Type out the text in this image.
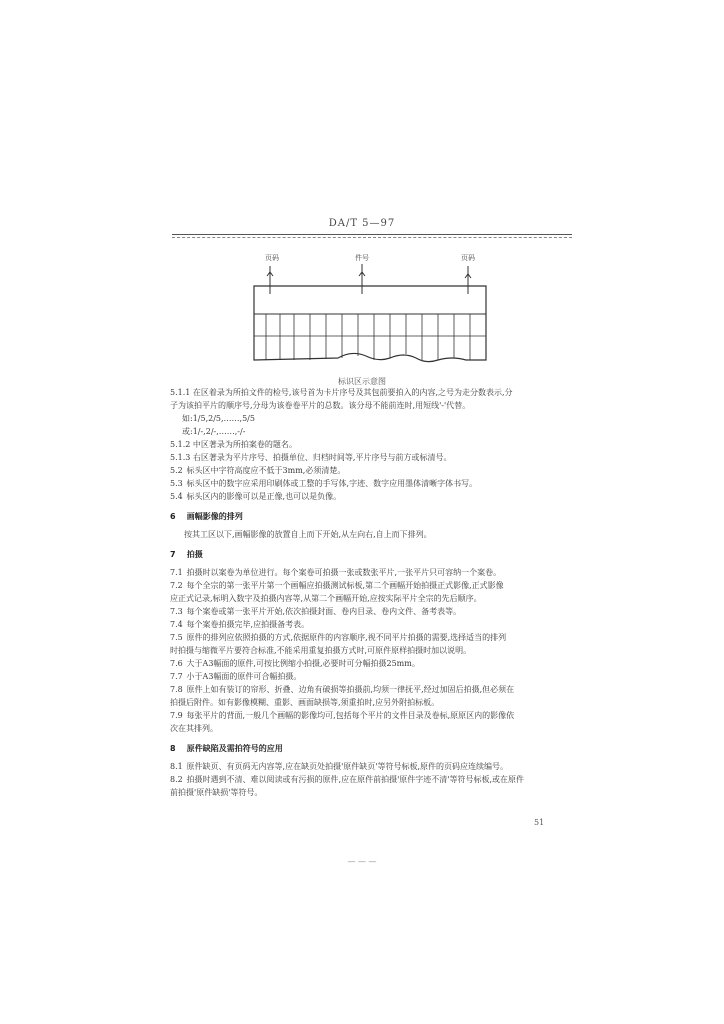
DA/T 5—97
页码	件号	页码
标识区示意图
5.1.1 在区着录为所拍文件的检号,该号首为卡片序号及其包前要拍入的内容,之号为走分数表示,分
子为该拍平片的顺序号,分母为该卷卷平片的总数。该分母不能前连时,用短线'-'代替。
如:1/5,2/5,……,5/5
或:1/-,2/-,……,-/-
5.1.2 中区著录为所拍案卷的题名。
5.1.3 右区著录为平片序号、拍摄单位、归档时间等,平片序号与前方或标清号。
5.2 标头区中字符高度应不低于3mm,必须清楚。
5.3 标头区中的数字应采用印刷体或工整的手写体,字迹、数字应用墨体清晰字体书写。
5.4 标头区内的影像可以是正像,也可以是负像。
6 画幅影像的排列
按其工区以下,画幅影像的放置自上而下开始,从左向右,自上而下排列。
7 拍摄
7.1 拍摄时以案卷为单位进行。每个案卷可拍摄一张或数张平片,一张平片只可容纳一个案卷。
7.2 每个全宗的第一张平片第一个画幅应拍摄测试标板,第二个画幅开始拍摄正式影像,正式影像
应正式记录,标明入数字及拍摄内容等,从第二个画幅开始,应按实际平片全宗的先后顺序。
7.3 每个案卷或第一张平片开始,依次拍摄封面、卷内目录、卷内文件、备考表等。
7.4 每个案卷拍摄完毕,应拍摄备考表。
7.5 原件的排列应依照拍摄的方式,依据原件的内容顺序,视不同平片拍摄的需要,选择适当的排列
时拍摄与缩微平片要符合标准,不能采用重复拍摄方式时,可原件原样拍摄时加以说明。
7.6 大于A3幅面的原件,可按比例缩小拍摄,必要时可分幅拍摄25mm。
7.7 小于A3幅面的原件可合幅拍摄。
7.8 原件上如有装订的帘形、折叠、边角有破损等拍摄前,均须一律抚平,经过加固后拍摄,但必须在
拍摄后附件。如有影像模糊、重影、画面缺损等,须重拍时,应另外附拍标板。
7.9 每张平片的背面,一般几个画幅的影像均可,包括每个平片的文件目录及卷标,原原区内的影像依
次在其排列。
8 原件缺陷及需拍符号的应用
8.1 原件缺页、有页码无内容等,应在缺页处拍摄'原件缺页'等符号标板,原件的页码应连续编号。
8.2 拍摄时遇到不清、难以阅读或有污损的原件,应在原件前拍摄'原件字迹不清'等符号标板,或在原件
前拍摄'原件缺损'等符号。
51
— — —
